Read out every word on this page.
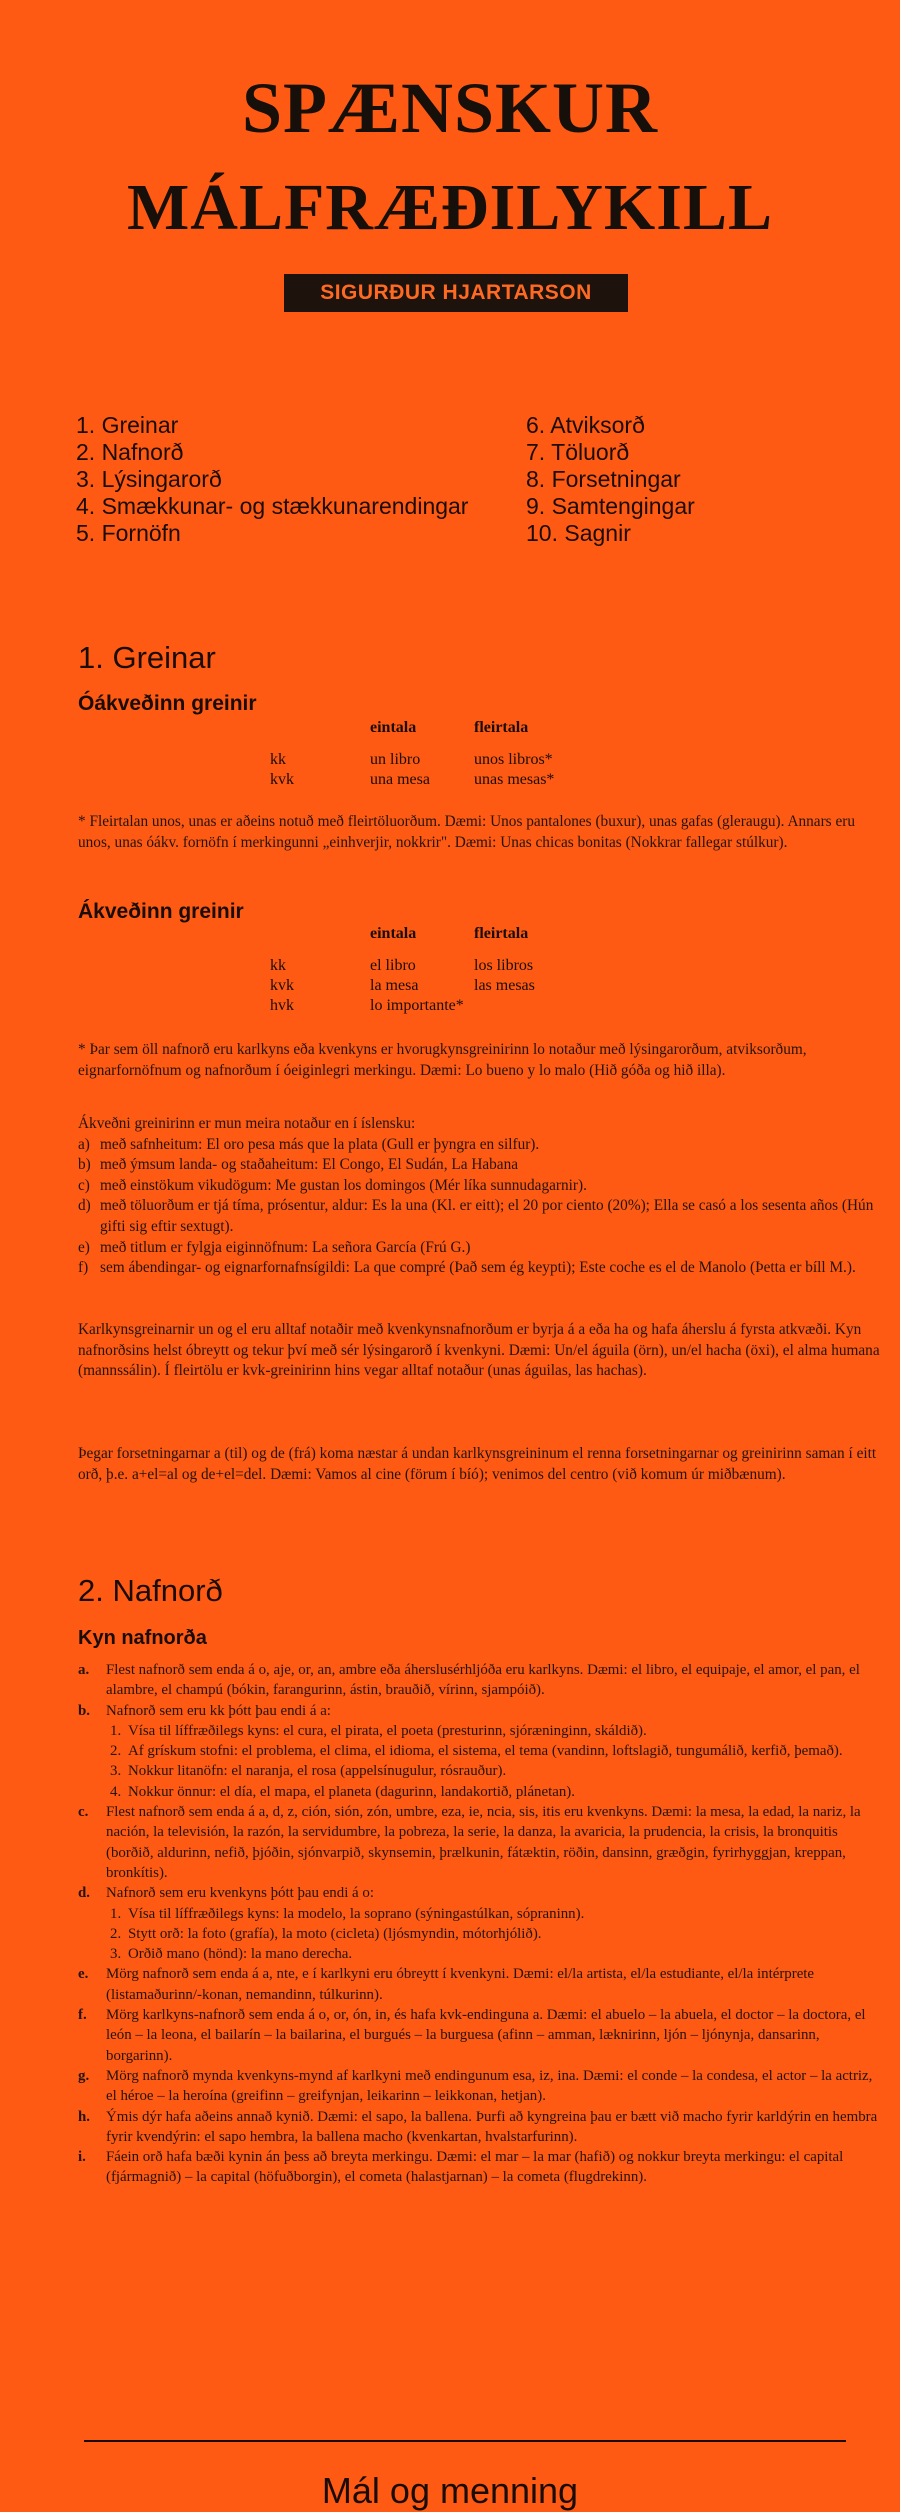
SPÆNSKUR
MÁLFRÆÐILYKILL
SIGURÐUR HJARTARSON
1. Greinar
2. Nafnorð
3. Lýsingarorð
4. Smækkunar- og stækkunarendingar
5. Fornöfn
6. Atviksorð
7. Töluorð
8. Forsetningar
9. Samtengingar
10. Sagnir
1. Greinar
Óákveðinn greinir
eintala	fleirtala
kk	un libro	unos libros*
kvk	una mesa	unas mesas*

* Fleirtalan unos, unas er aðeins notuð með fleirtöluorðum. Dæmi: Unos pantalones (buxur), unas gafas (gleraugu). Annars eru unos, unas óákv. fornöfn í merkingunni „einhverjir, nokkrir". Dæmi: Unas chicas bonitas (Nokkrar fallegar stúlkur).

Ákveðinn greinir
eintala	fleirtala
kk	el libro	los libros
kvk	la mesa	las mesas
hvk	lo importante*

* Þar sem öll nafnorð eru karlkyns eða kvenkyns er hvorugkynsgreinirinn lo notaður með lýsingarorðum, atviksorðum, eignarfornöfnum og nafnorðum í óeiginlegri merkingu. Dæmi: Lo bueno y lo malo (Hið góða og hið illa).

Ákveðni greinirinn er mun meira notaður en í íslensku:

a) með safnheitum: El oro pesa más que la plata (Gull er þyngra en silfur).
b) með ýmsum landa- og staðaheitum: El Congo, El Sudán, La Habana
c) með einstökum vikudögum: Me gustan los domingos (Mér líka sunnudagarnir).
d) með töluorðum er tjá tíma, prósentur, aldur: Es la una (Kl. er eitt); el 20 por ciento (20%); Ella se casó a los sesenta años (Hún gifti sig eftir sextugt).
e) með titlum er fylgja eiginnöfnum: La señora García (Frú G.)
f) sem ábendingar- og eignarfornafnsígildi: La que compré (Það sem ég keypti); Este coche es el de Manolo (Þetta er bíll M.).

Karlkynsgreinarnir un og el eru alltaf notaðir með kvenkynsnafnorðum er byrja á a eða ha og hafa áherslu á fyrsta atkvæði. Kyn nafnorðsins helst óbreytt og tekur því með sér lýsingarorð í kvenkyni. Dæmi: Un/el águila (örn), un/el hacha (öxi), el alma humana (mannssálin). Í fleirtölu er kvk-greinirinn hins vegar alltaf notaður (unas águilas, las hachas).

Þegar forsetningarnar a (til) og de (frá) koma næstar á undan karlkynsgreininum el renna forsetningarnar og greinirinn saman í eitt orð, þ.e. a+el=al og de+el=del. Dæmi: Vamos al cine (förum í bíó); venimos del centro (við komum úr miðbænum).

2. Nafnorð
Kyn nafnorða
a. Flest nafnorð sem enda á o, aje, or, an, ambre eða áherslusérhljóða eru karlkyns. Dæmi: el libro, el equipaje, el amor, el pan, el alambre, el champú (bókin, farangurinn, ástin, brauðið, vírinn, sjampóið).
b. Nafnorð sem eru kk þótt þau endi á a:
1. Vísa til líffræðilegs kyns: el cura, el pirata, el poeta (presturinn, sjóræninginn, skáldið).
2. Af grískum stofni: el problema, el clima, el idioma, el sistema, el tema (vandinn, loftslagið, tungumálið, kerfið, þemað).
3. Nokkur litanöfn: el naranja, el rosa (appelsínugulur, rósrauður).
4. Nokkur önnur: el día, el mapa, el planeta (dagurinn, landakortið, plánetan).
c. Flest nafnorð sem enda á a, d, z, ción, sión, zón, umbre, eza, ie, ncia, sis, itis eru kvenkyns. Dæmi: la mesa, la edad, la nariz, la nación, la televisión, la razón, la servidumbre, la pobreza, la serie, la danza, la avaricia, la prudencia, la crisis, la bronquitis (borðið, aldurinn, nefið, þjóðin, sjónvarpið, skynsemin, þrælkunin, fátæktin, röðin, dansinn, græðgin, fyrirhyggjan, kreppan, bronkítis).
d. Nafnorð sem eru kvenkyns þótt þau endi á o:
1. Vísa til líffræðilegs kyns: la modelo, la soprano (sýningastúlkan, sópraninn).
2. Stytt orð: la foto (grafía), la moto (cicleta) (ljósmyndin, mótorhjólið).
3. Orðið mano (hönd): la mano derecha.
e. Mörg nafnorð sem enda á a, nte, e í karlkyni eru óbreytt í kvenkyni. Dæmi: el/la artista, el/la estudiante, el/la intérprete (listamaðurinn/-konan, nemandinn, túlkurinn).
f. Mörg karlkyns-nafnorð sem enda á o, or, ón, in, és hafa kvk-endinguna a. Dæmi: el abuelo – la abuela, el doctor – la doctora, el león – la leona, el bailarín – la bailarina, el burgués – la burguesa (afinn – amman, læknirinn, ljón – ljónynja, dansarinn, borgarinn).
g. Mörg nafnorð mynda kvenkyns-mynd af karlkyni með endingunum esa, iz, ina. Dæmi: el conde – la condesa, el actor – la actriz, el héroe – la heroína (greifinn – greifynjan, leikarinn – leikkonan, hetjan).
h. Ýmis dýr hafa aðeins annað kynið. Dæmi: el sapo, la ballena. Þurfi að kyngreina þau er bætt við macho fyrir karldýrin en hembra fyrir kvendýrin: el sapo hembra, la ballena macho (kvenkartan, hvalstarfurinn).
i. Fáein orð hafa bæði kynin án þess að breyta merkingu. Dæmi: el mar – la mar (hafið) og nokkur breyta merkingu: el capital (fjármagnið) – la capital (höfuðborgin), el cometa (halastjarnan) – la cometa (flugdrekinn).
Mál og menning
